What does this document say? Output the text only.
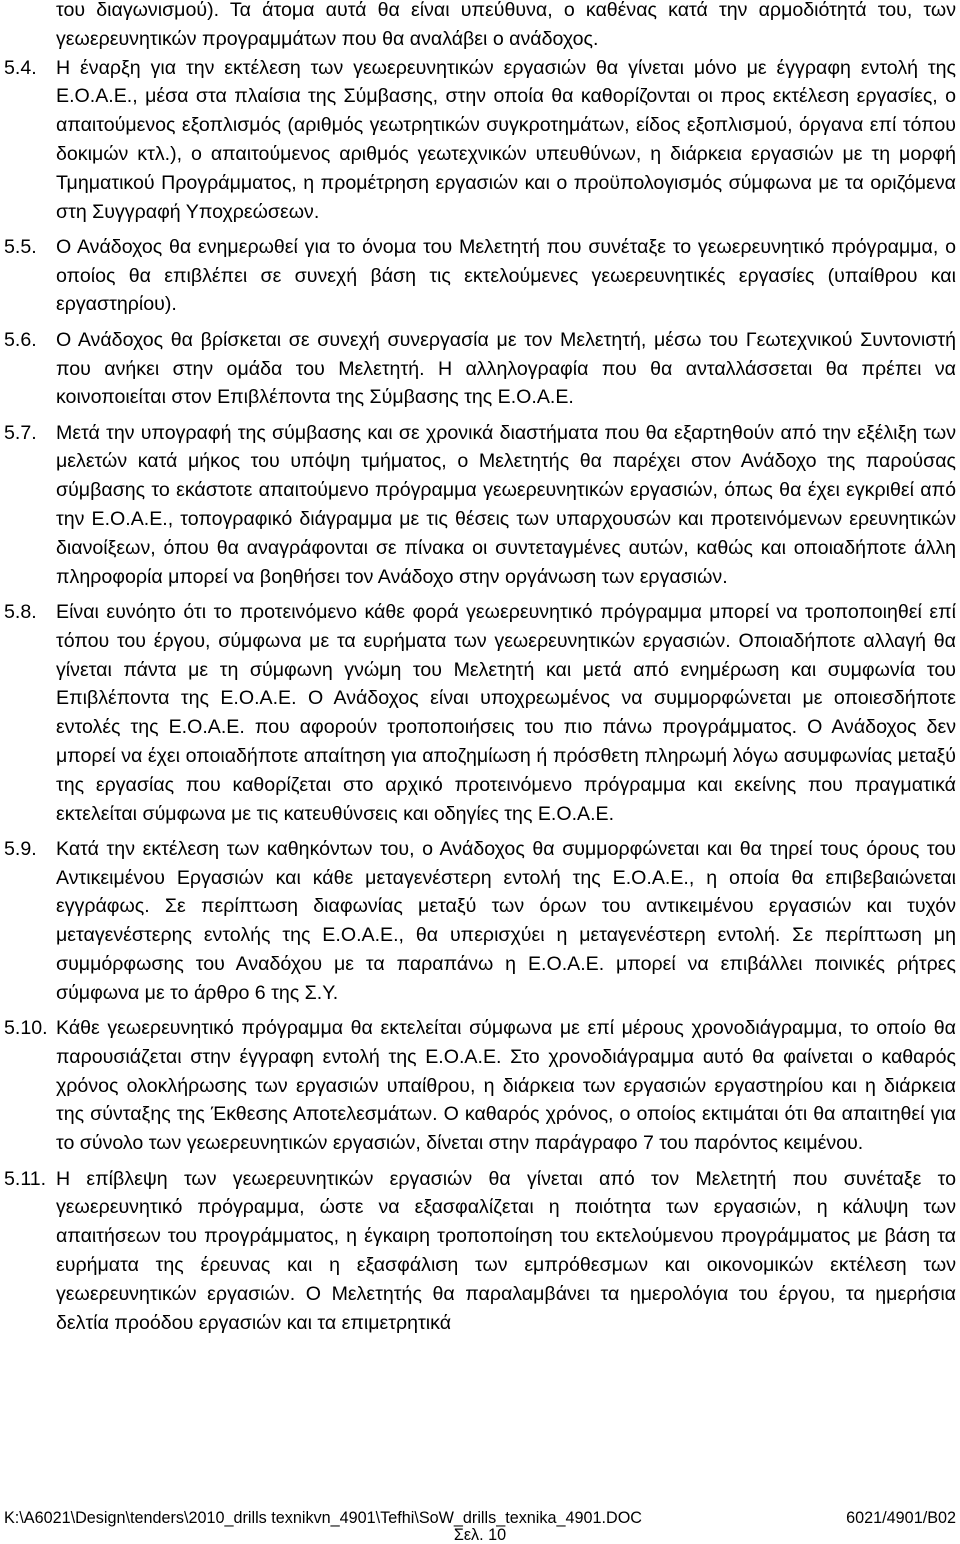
του διαγωνισμού). Τα άτομα αυτά θα είναι υπεύθυνα, ο καθένας κατά την αρμοδιότητά του, των γεωερευνητικών προγραμμάτων που θα αναλάβει ο ανάδοχος.

5.4. Η έναρξη για την εκτέλεση των γεωερευνητικών εργασιών θα γίνεται μόνο με έγγραφη εντολή της Ε.Ο.Α.Ε., μέσα στα πλαίσια της Σύμβασης, στην οποία θα καθορίζονται οι προς εκτέλεση εργασίες, ο απαιτούμενος εξοπλισμός (αριθμός γεωτρητικών συγκροτημάτων, είδος εξοπλισμού, όργανα επί τόπου δοκιμών κτλ.), ο απαιτούμενος αριθμός γεωτεχνικών υπευθύνων, η διάρκεια εργασιών με τη μορφή Τμηματικού Προγράμματος, η προμέτρηση εργασιών και ο προϋπολογισμός σύμφωνα με τα οριζόμενα στη Συγγραφή Υποχρεώσεων.

5.5. Ο Ανάδοχος θα ενημερωθεί για το όνομα του Μελετητή που συνέταξε το γεωερευνητικό πρόγραμμα, ο οποίος θα επιβλέπει σε συνεχή βάση τις εκτελούμενες γεωερευνητικές εργασίες (υπαίθρου και εργαστηρίου).

5.6. Ο Ανάδοχος θα βρίσκεται σε συνεχή συνεργασία με τον Μελετητή, μέσω του Γεωτεχνικού Συντονιστή που ανήκει στην ομάδα του Μελετητή. Η αλληλογραφία που θα ανταλλάσσεται θα πρέπει να κοινοποιείται στον Επιβλέποντα της Σύμβασης της Ε.Ο.Α.Ε.

5.7. Μετά την υπογραφή της σύμβασης και σε χρονικά διαστήματα που θα εξαρτηθούν από την εξέλιξη των μελετών κατά μήκος του υπόψη τμήματος, ο Μελετητής θα παρέχει στον Ανάδοχο της παρούσας σύμβασης το εκάστοτε απαιτούμενο πρόγραμμα γεωερευνητικών εργασιών, όπως θα έχει εγκριθεί από την Ε.Ο.Α.Ε., τοπογραφικό διάγραμμα με τις θέσεις των υπαρχουσών και προτεινόμενων ερευνητικών διανοίξεων, όπου θα αναγράφονται σε πίνακα οι συντεταγμένες αυτών, καθώς και οποιαδήποτε άλλη πληροφορία μπορεί να βοηθήσει τον Ανάδοχο στην οργάνωση των εργασιών.

5.8. Είναι ευνόητο ότι το προτεινόμενο κάθε φορά γεωερευνητικό πρόγραμμα μπορεί να τροποποιηθεί επί τόπου του έργου, σύμφωνα με τα ευρήματα των γεωερευνητικών εργασιών. Οποιαδήποτε αλλαγή θα γίνεται πάντα με τη σύμφωνη γνώμη του Μελετητή και μετά από ενημέρωση και συμφωνία του Επιβλέποντα της Ε.Ο.Α.Ε. Ο Ανάδοχος είναι υποχρεωμένος να συμμορφώνεται με οποιεσδήποτε εντολές της Ε.Ο.Α.Ε. που αφορούν τροποποιήσεις του πιο πάνω προγράμματος. Ο Ανάδοχος δεν μπορεί να έχει οποιαδήποτε απαίτηση για αποζημίωση ή πρόσθετη πληρωμή λόγω ασυμφωνίας μεταξύ της εργασίας που καθορίζεται στο αρχικό προτεινόμενο πρόγραμμα και εκείνης που πραγματικά εκτελείται σύμφωνα με τις κατευθύνσεις και οδηγίες της Ε.Ο.Α.Ε.

5.9. Κατά την εκτέλεση των καθηκόντων του, ο Ανάδοχος θα συμμορφώνεται και θα τηρεί τους όρους του Αντικειμένου Εργασιών και κάθε μεταγενέστερη εντολή της Ε.Ο.Α.Ε., η οποία θα επιβεβαιώνεται εγγράφως. Σε περίπτωση διαφωνίας μεταξύ των όρων του αντικειμένου εργασιών και τυχόν μεταγενέστερης εντολής της Ε.Ο.Α.Ε., θα υπερισχύει η μεταγενέστερη εντολή. Σε περίπτωση μη συμμόρφωσης του Αναδόχου με τα παραπάνω η Ε.Ο.Α.Ε. μπορεί να επιβάλλει ποινικές ρήτρες σύμφωνα με το άρθρο 6 της Σ.Υ.

5.10. Κάθε γεωερευνητικό πρόγραμμα θα εκτελείται σύμφωνα με επί μέρους χρονοδιάγραμμα, το οποίο θα παρουσιάζεται στην έγγραφη εντολή της Ε.Ο.Α.Ε. Στο χρονοδιάγραμμα αυτό θα φαίνεται ο καθαρός χρόνος ολοκλήρωσης των εργασιών υπαίθρου, η διάρκεια των εργασιών εργαστηρίου και η διάρκεια της σύνταξης της Έκθεσης Αποτελεσμάτων. Ο καθαρός χρόνος, ο οποίος εκτιμάται ότι θα απαιτηθεί για το σύνολο των γεωερευνητικών εργασιών, δίνεται στην παράγραφο 7 του παρόντος κειμένου.

5.11. Η επίβλεψη των γεωερευνητικών εργασιών θα γίνεται από τον Μελετητή που συνέταξε το γεωερευνητικό πρόγραμμα, ώστε να εξασφαλίζεται η ποιότητα των εργασιών, η κάλυψη των απαιτήσεων του προγράμματος, η έγκαιρη τροποποίηση του εκτελούμενου προγράμματος με βάση τα ευρήματα της έρευνας και η εξασφάλιση των εμπρόθεσμων και οικονομικών εκτέλεση των γεωερευνητικών εργασιών. Ο Μελετητής θα παραλαμβάνει τα ημερολόγια του έργου, τα ημερήσια δελτία προόδου εργασιών και τα επιμετρητικά

K:\A6021\Design\tenders\2010_drills texnikvn_4901\Tefhi\SoW_drills_texnika_4901.DOC	6021/4901/B02
Σελ. 10
